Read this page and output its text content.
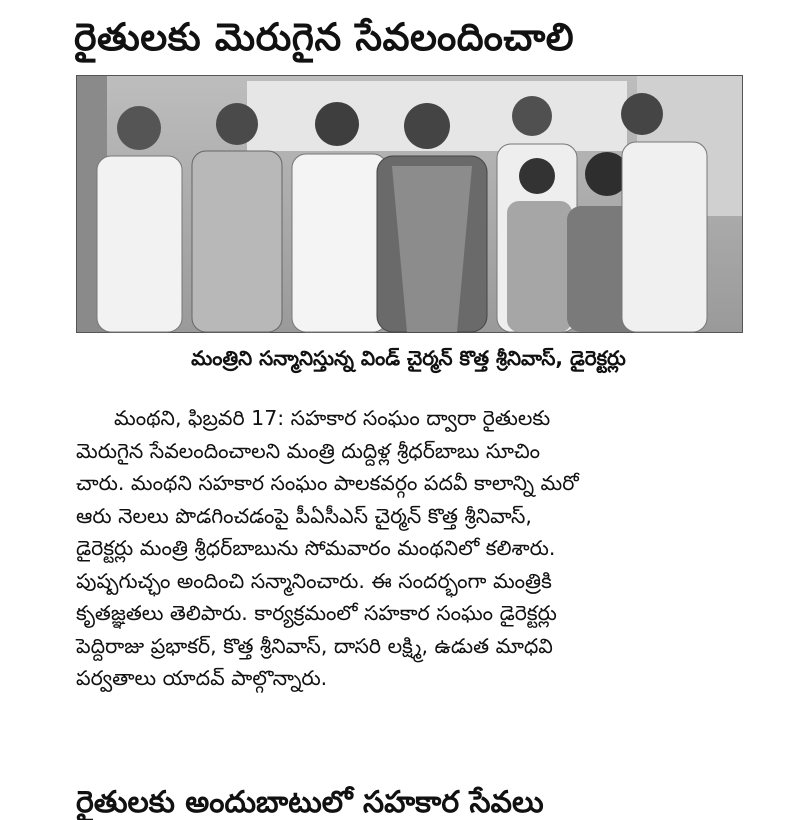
రైతులకు మెరుగైన సేవలందించాలి
మంత్రిని సన్మానిస్తున్న విండ్ చైర్మన్ కొత్త శ్రీనివాస్, డైరెక్టర్లు
మంథని, ఫిబ్రవరి 17: సహకార సంఘం ద్వారా రైతులకు
మెరుగైన సేవలందించాలని మంత్రి దుద్దిళ్ల శ్రీధర్‌బాబు సూచిం
చారు. మంథని సహకార సంఘం పాలకవర్గం పదవీ కాలాన్ని మరో
ఆరు నెలలు పొడగించడంపై పీఏసీఎస్ చైర్మన్ కొత్త శ్రీనివాస్,
డైరెక్టర్లు మంత్రి శ్రీధర్‌బాబును సోమవారం మంథనిలో కలిశారు.
పుష్పగుచ్ఛం అందించి సన్మానించారు. ఈ సందర్భంగా మంత్రికి
కృతజ్ఞతలు తెలిపారు. కార్యక్రమంలో సహకార సంఘం డైరెక్టర్లు
పెద్దిరాజు ప్రభాకర్, కొత్త శ్రీనివాస్, దాసరి లక్ష్మి, ఉడుత మాధవి
పర్వతాలు యాదవ్ పాల్గొన్నారు.
రైతులకు అందుబాటులో సహకార సేవలు
